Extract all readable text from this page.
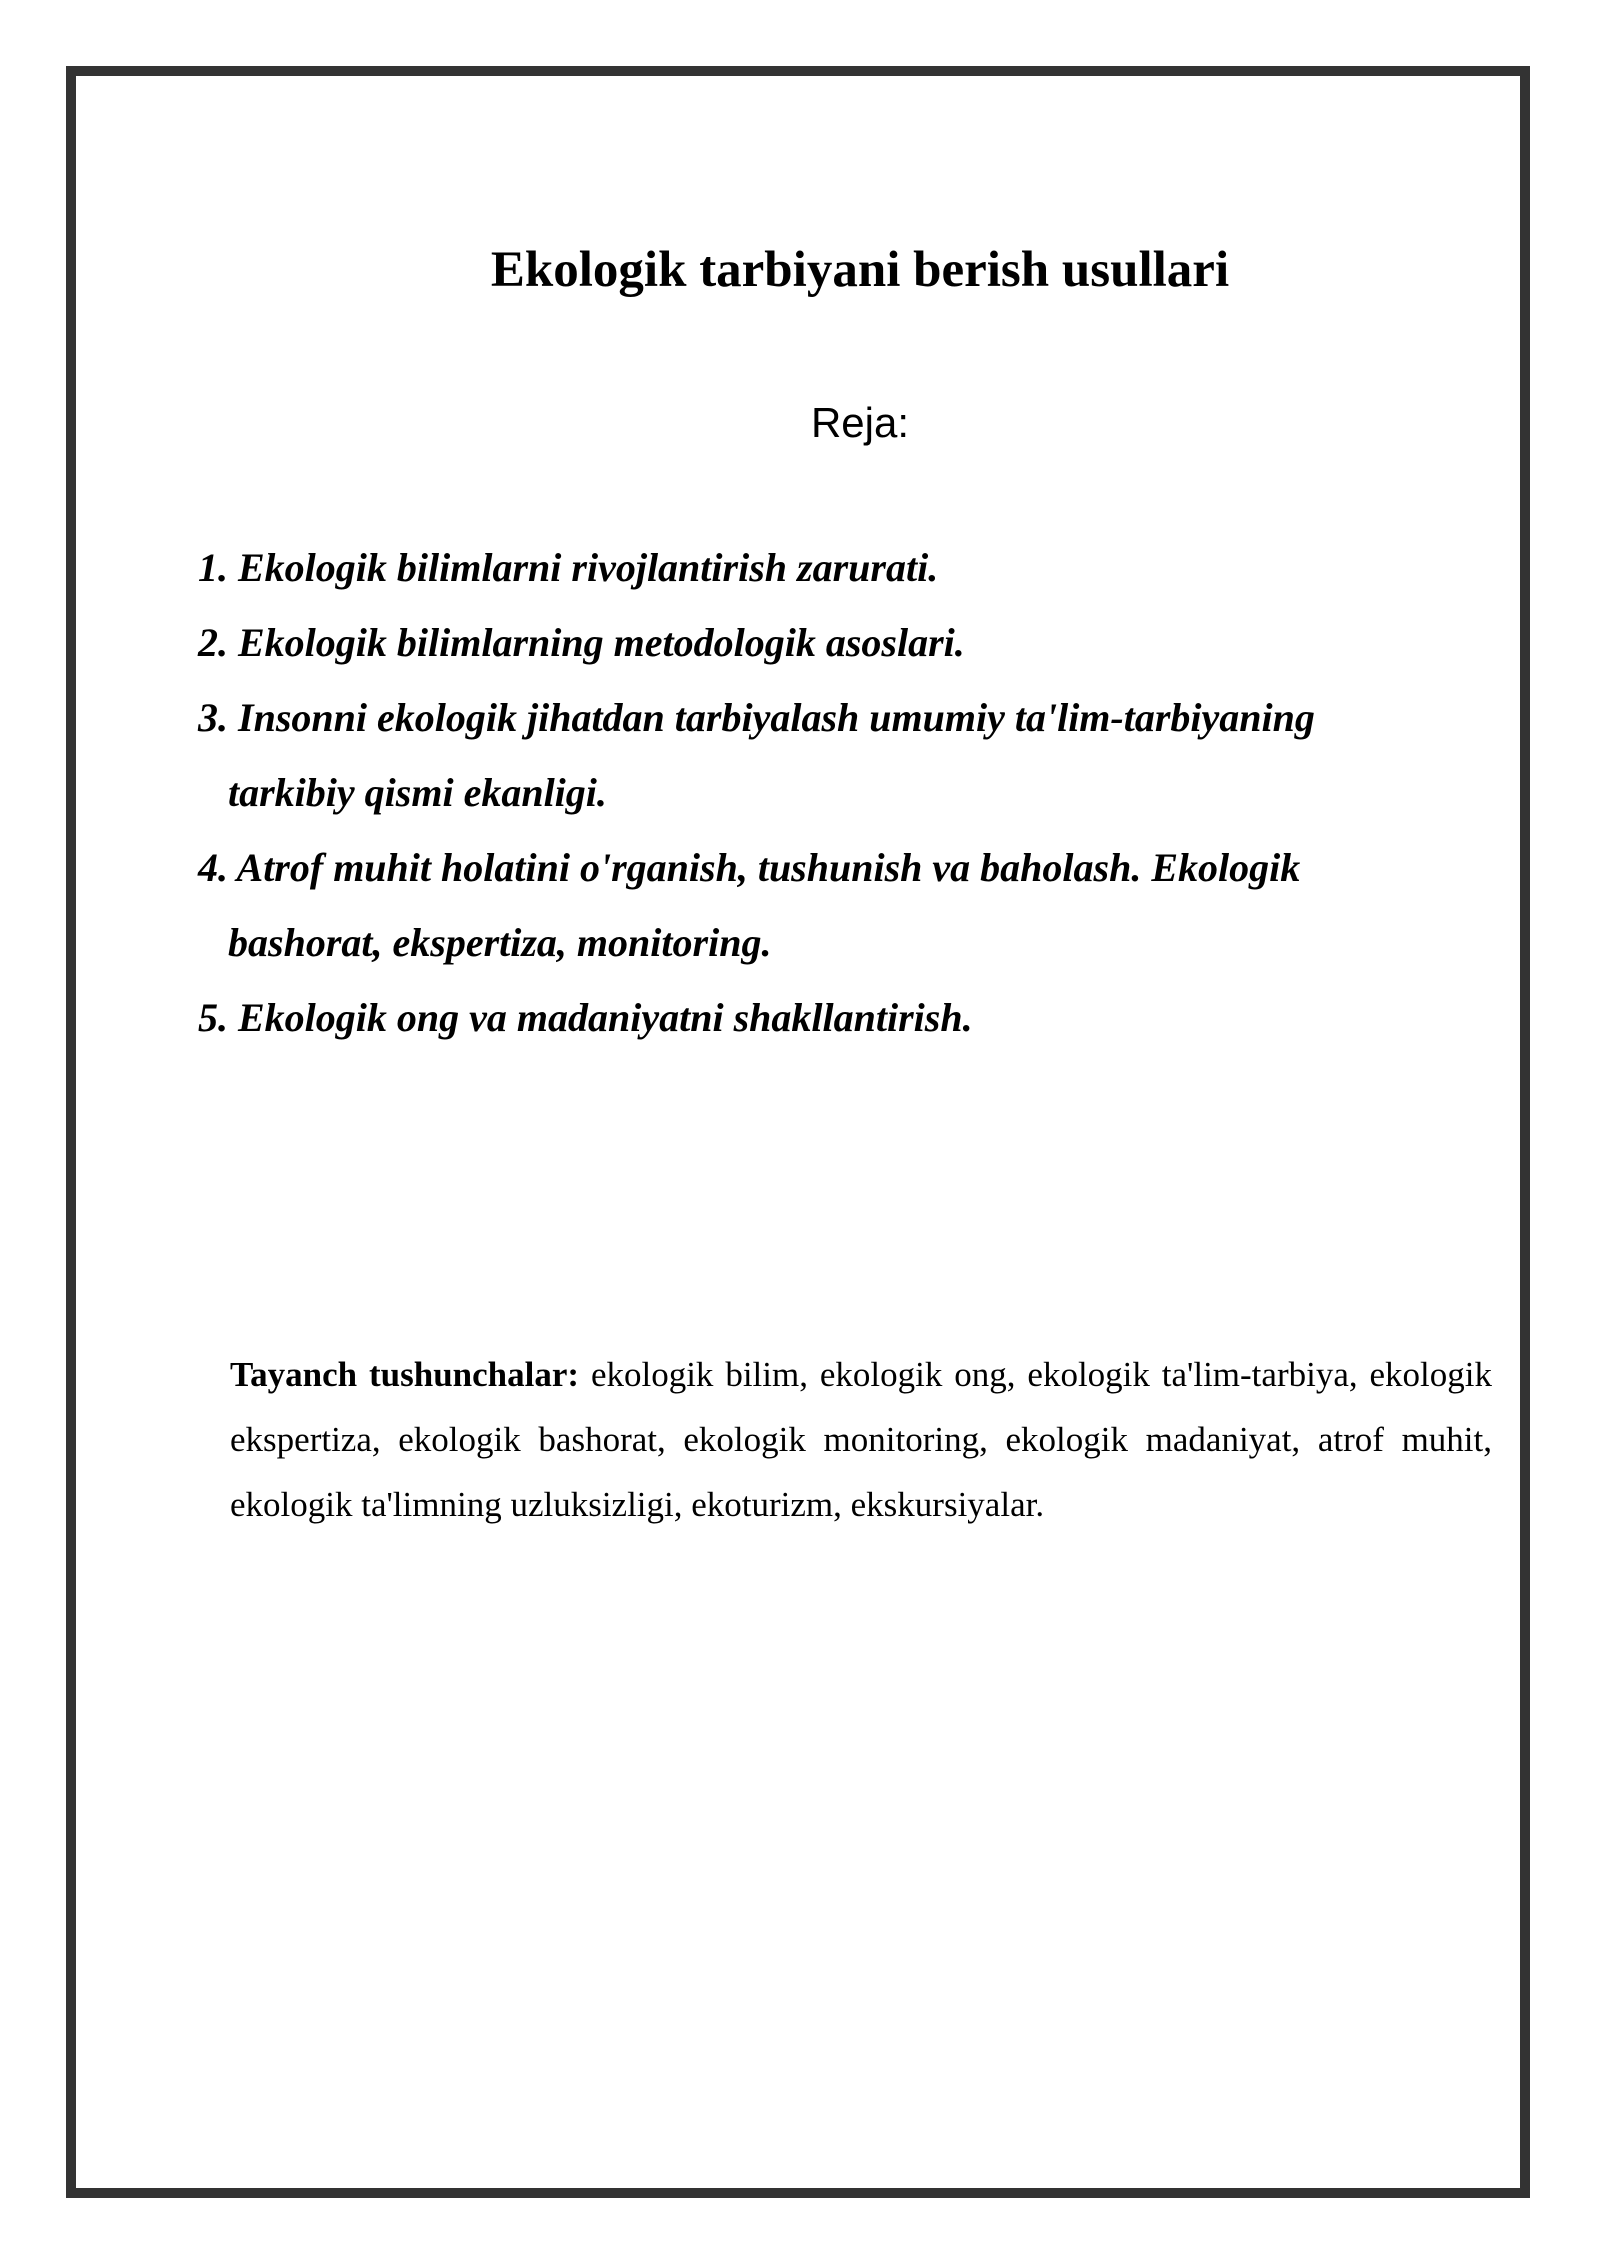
Ekologik tarbiyani berish usullari

Reja:

1. Ekologik bilimlarni rivojlantirish zarurati.
2. Ekologik bilimlarning metodologik asoslari.
3. Insonni ekologik jihatdan tarbiyalash umumiy ta'lim-tarbiyaning tarkibiy qismi ekanligi.
4. Atrof muhit holatini o'rganish, tushunish va baholash. Ekologik bashorat, ekspertiza, monitoring.
5. Ekologik ong va madaniyatni shakllantirish.

Tayanch tushunchalar: ekologik bilim, ekologik ong, ekologik ta'lim-tarbiya, ekologik ekspertiza, ekologik bashorat, ekologik monitoring, ekologik madaniyat, atrof muhit, ekologik ta'limning uzluksizligi, ekoturizm, ekskursiyalar.
